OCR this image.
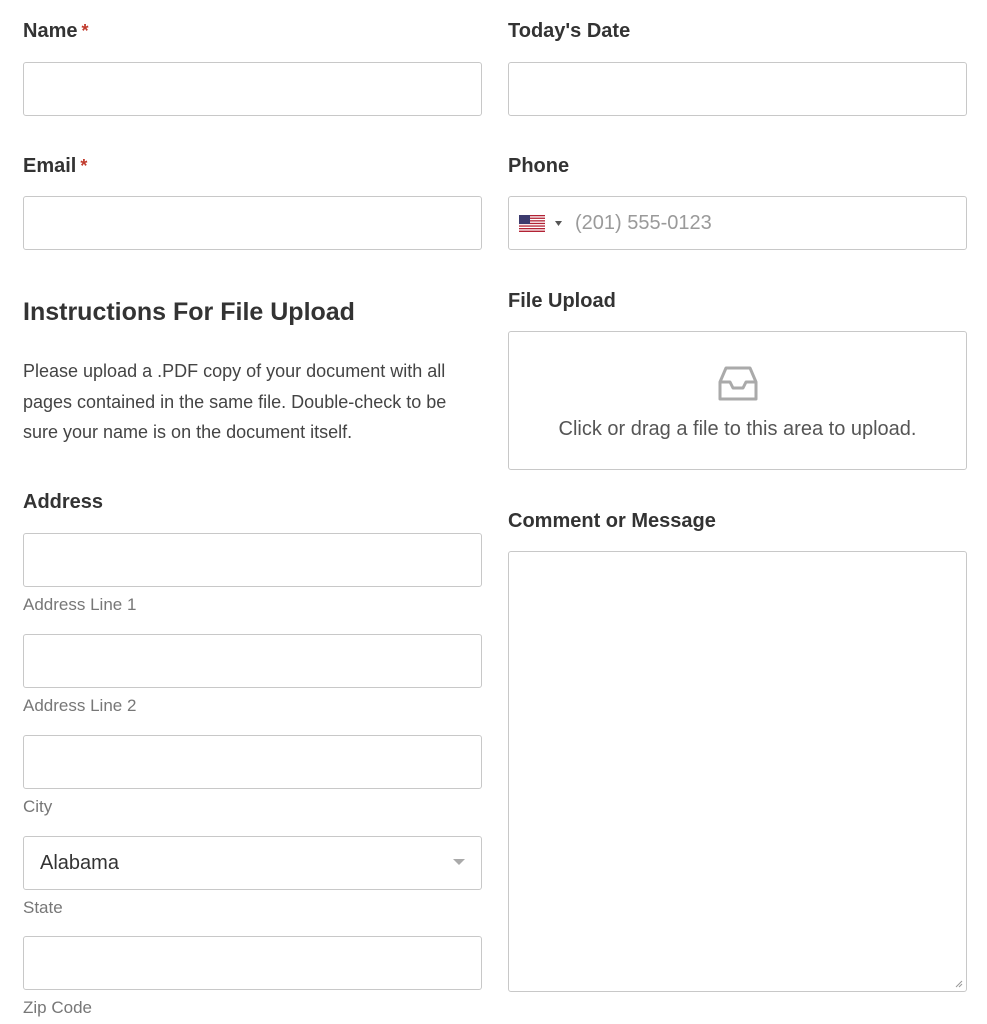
Name *
Email *
Instructions For File Upload

Please upload a .PDF copy of your document with all

pages contained in the same file. Double-check to be

sure your name is on the document itself.

Address
Address Line 1
Address Line 2
City
Alabama
State
Zip Code
Today's Date
Phone

(201) 555-0123
File Upload
Click or drag a file to this area to upload.
Comment or Message
